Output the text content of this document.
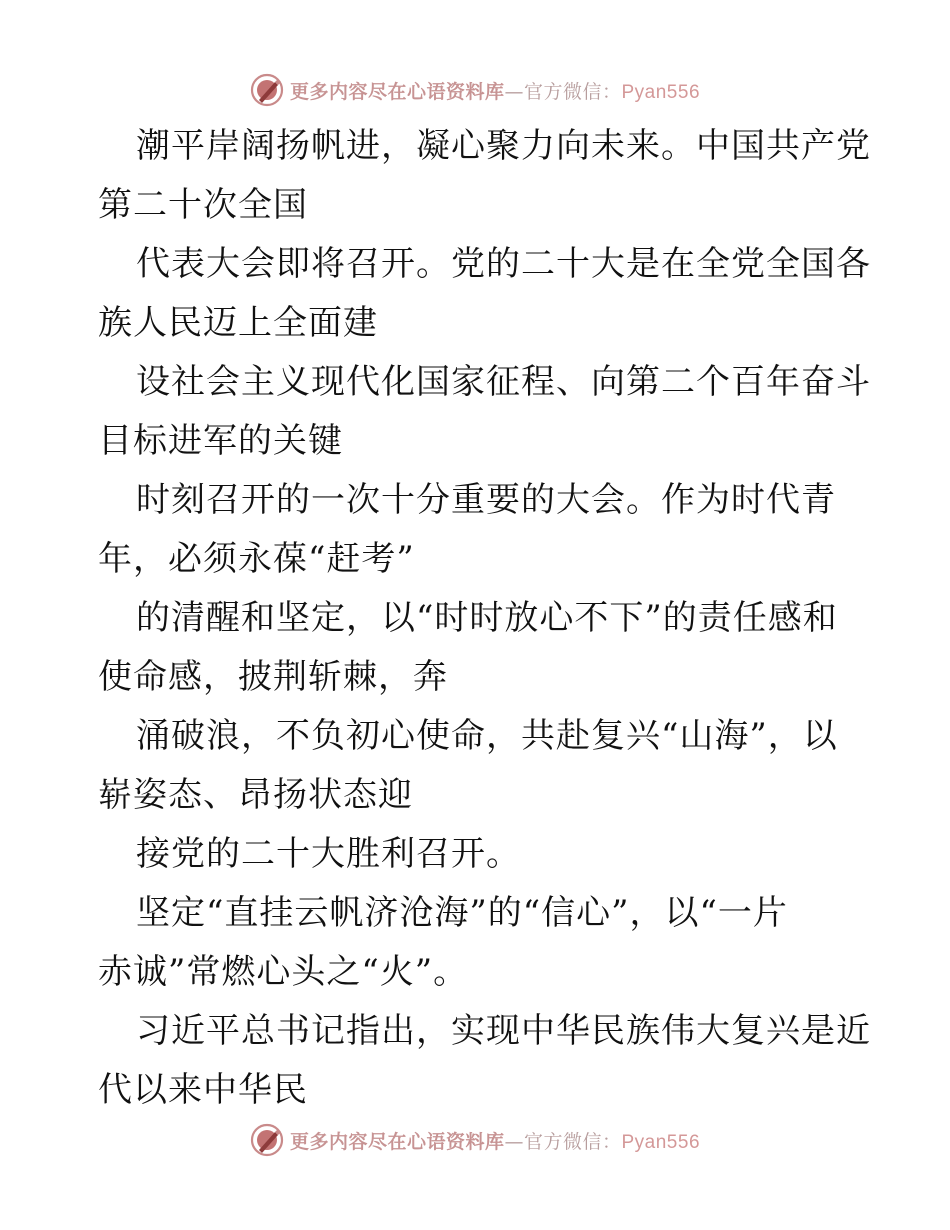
更多内容尽在心语资料库—官方微信：Pyan556
潮平岸阔扬帆进，凝心聚力向未来。中国共产党
第二十次全国
代表大会即将召开。党的二十大是在全党全国各
族人民迈上全面建
设社会主义现代化国家征程、向第二个百年奋斗
目标进军的关键
时刻召开的一次十分重要的大会。作为时代青
年，必须永葆“赶考”
的清醒和坚定，以“时时放心不下”的责任感和
使命感，披荆斩棘，奔
涌破浪，不负初心使命，共赴复兴“山海”，以
崭姿态、昂扬状态迎
接党的二十大胜利召开。
坚定“直挂云帆济沧海”的“信心”，以“一片
赤诚”常燃心头之“火”。
习近平总书记指出，实现中华民族伟大复兴是近
代以来中华民
更多内容尽在心语资料库—官方微信：Pyan556
